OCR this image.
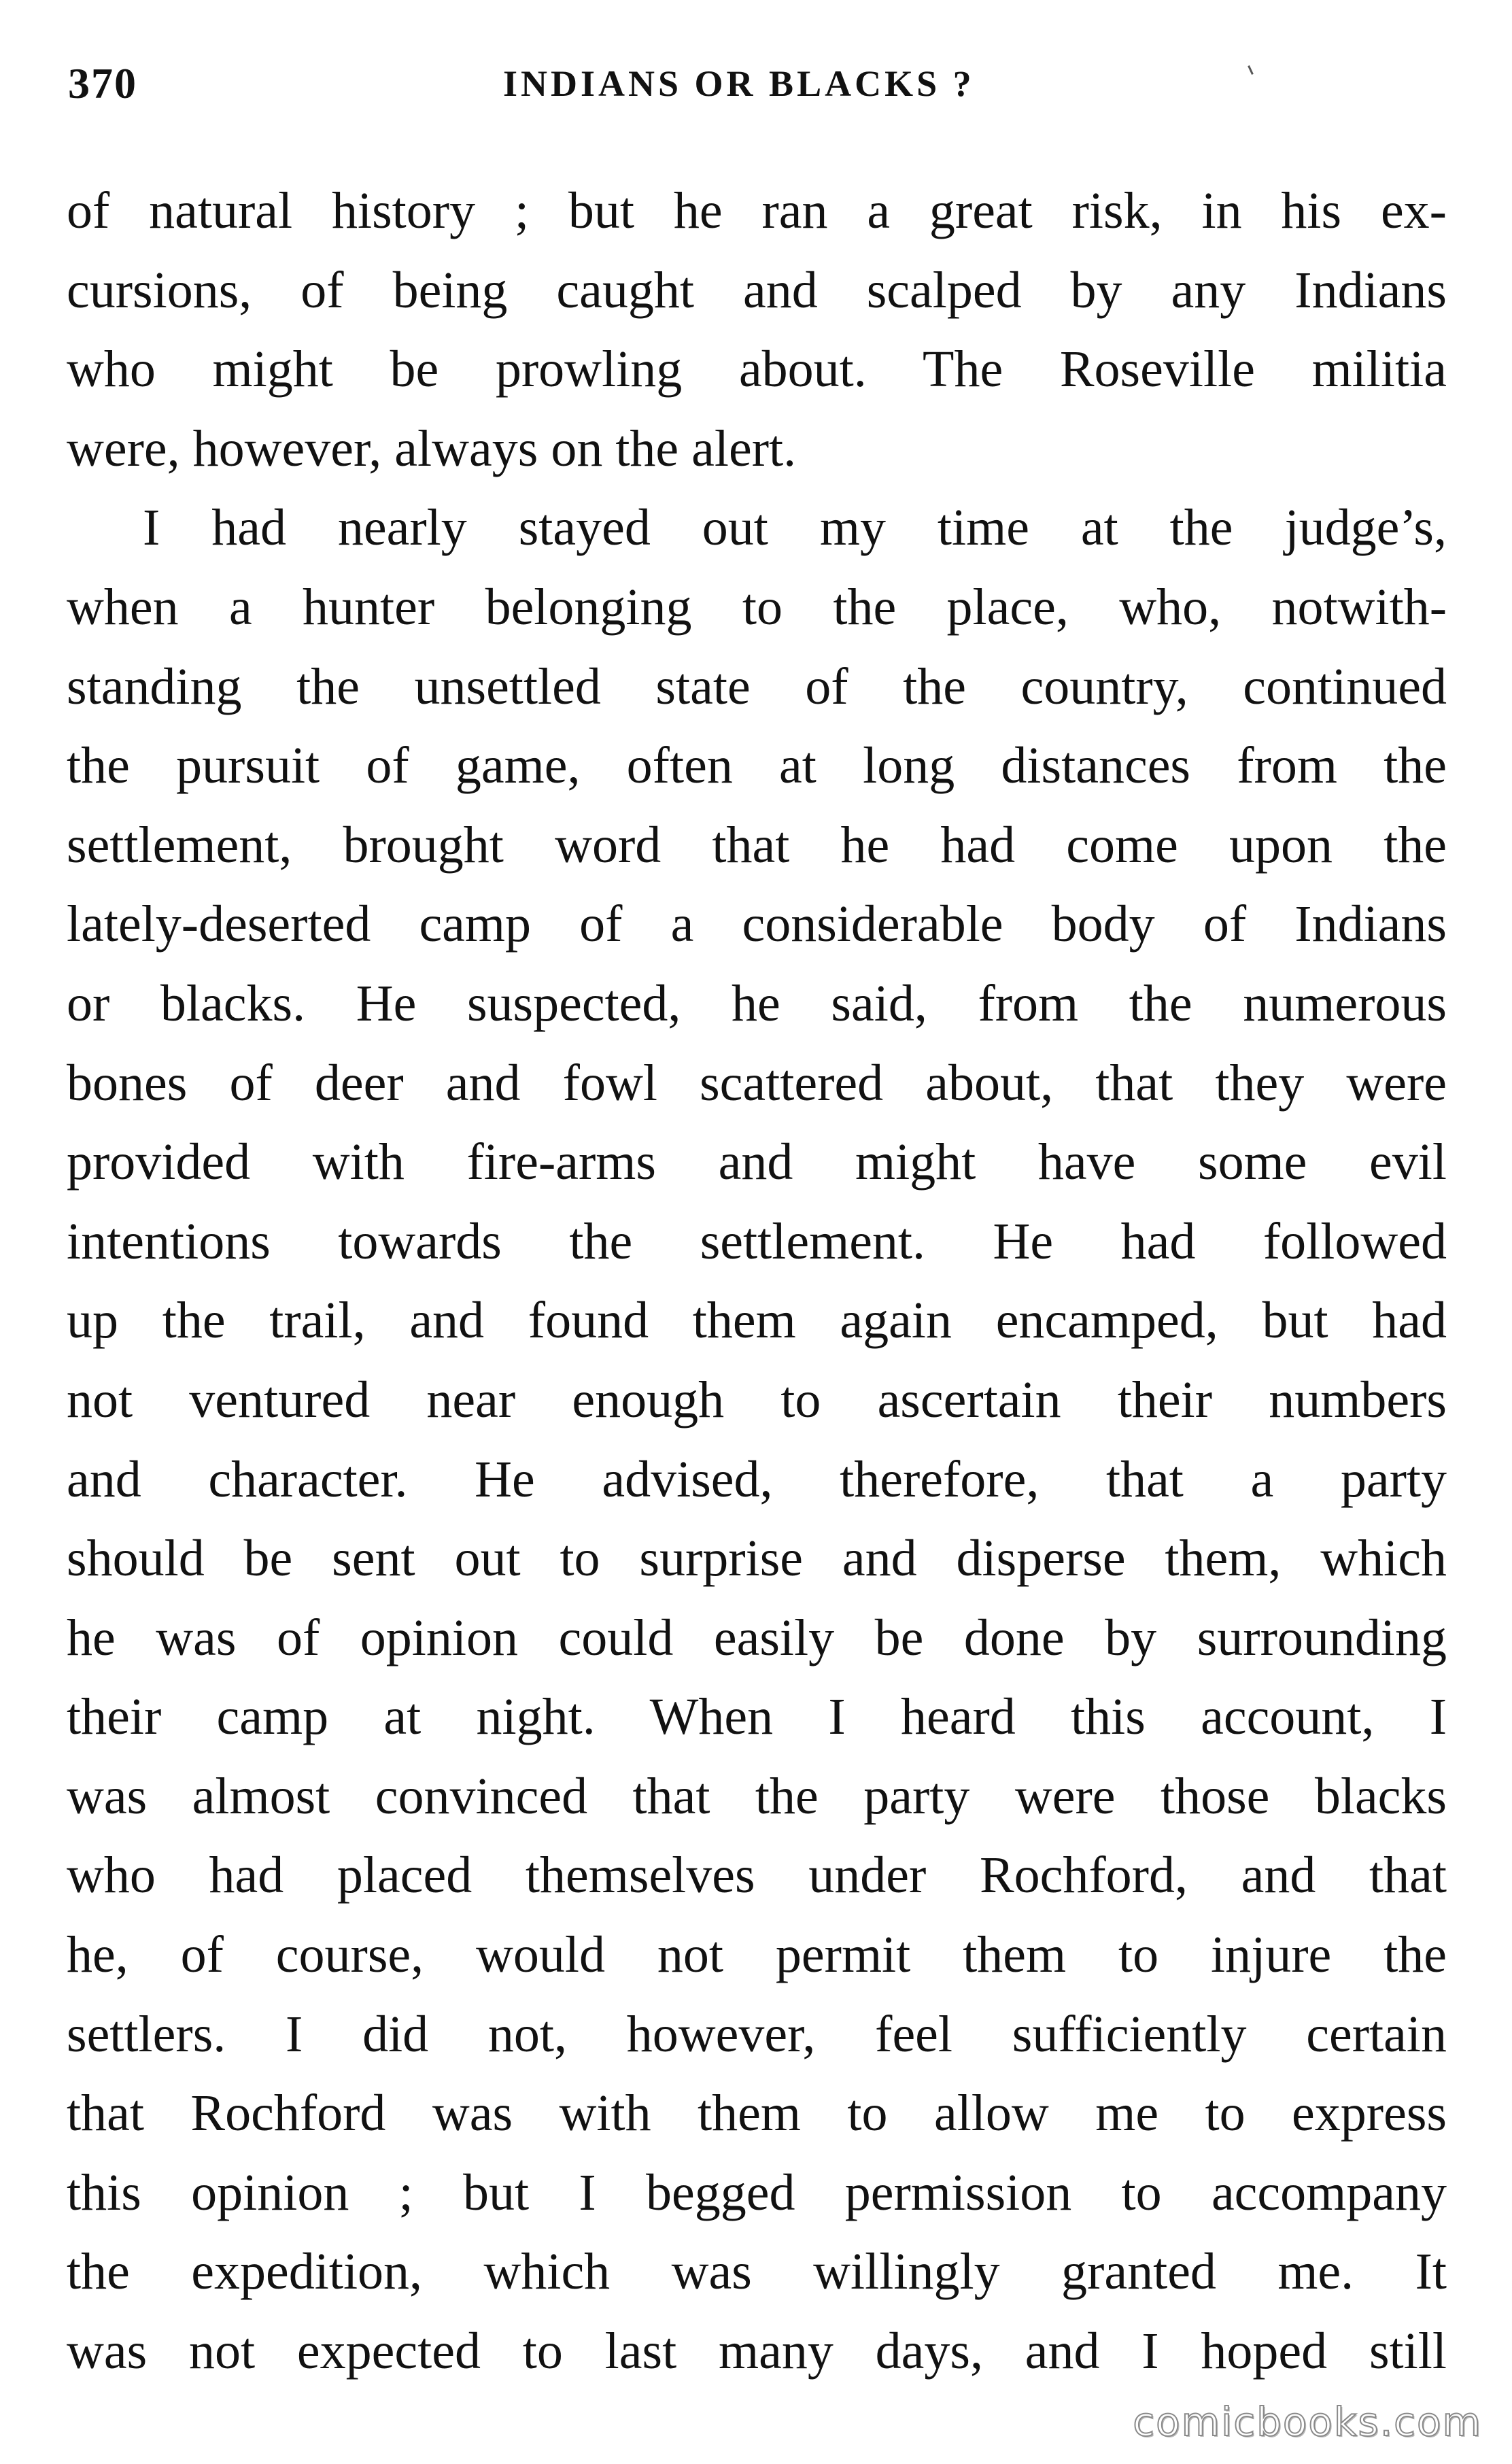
370	INDIANS OR BLACKS ?
of natural history ; but he ran a great risk, in his ex-
cursions, of being caught and scalped by any Indians
who might be prowling about. The Roseville militia
were, however, always on the alert.
I had nearly stayed out my time at the judge’s,
when a hunter belonging to the place, who, notwith-
standing the unsettled state of the country, continued
the pursuit of game, often at long distances from the
settlement, brought word that he had come upon the
lately-deserted camp of a considerable body of Indians
or blacks. He suspected, he said, from the numerous
bones of deer and fowl scattered about, that they were
provided with fire-arms and might have some evil
intentions towards the settlement. He had followed
up the trail, and found them again encamped, but had
not ventured near enough to ascertain their numbers
and character. He advised, therefore, that a party
should be sent out to surprise and disperse them, which
he was of opinion could easily be done by surrounding
their camp at night. When I heard this account, I
was almost convinced that the party were those blacks
who had placed themselves under Rochford, and that
he, of course, would not permit them to injure the
settlers. I did not, however, feel sufficiently certain
that Rochford was with them to allow me to express
this opinion ; but I begged permission to accompany
the expedition, which was willingly granted me. It
was not expected to last many days, and I hoped still
comicbooks.com
